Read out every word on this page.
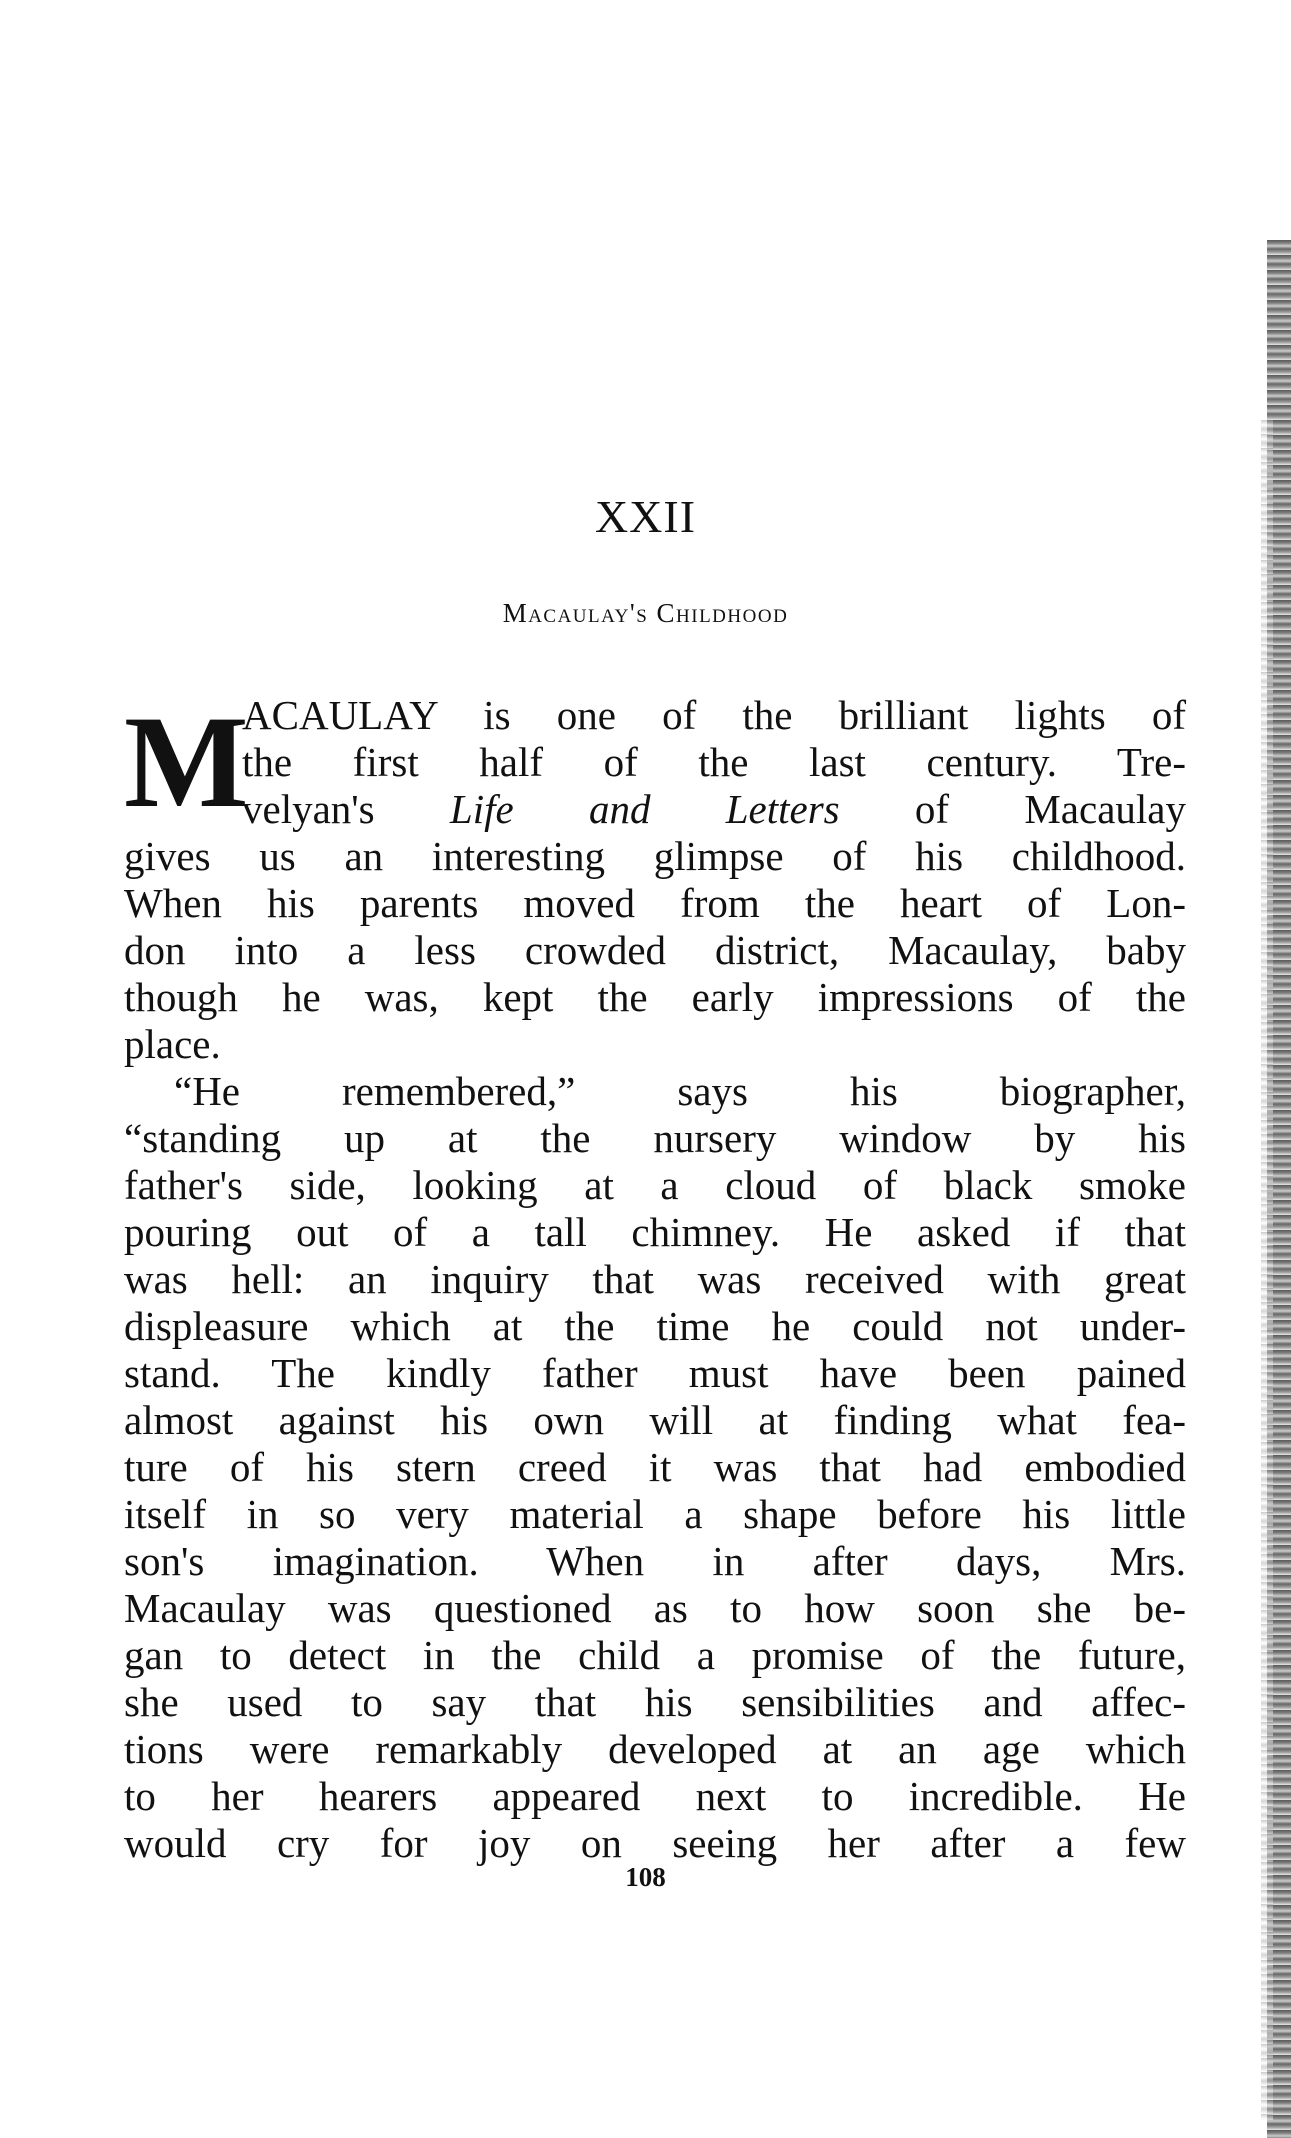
XXII
Macaulay's Childhood
M
ACAULAY is one of the brilliant lights of
the first half of the last century. Tre-
velyan's Life and Letters of Macaulay
gives us an interesting glimpse of his childhood.
When his parents moved from the heart of Lon-
don into a less crowded district, Macaulay, baby
though he was, kept the early impressions of the
place.
“He remembered,” says his biographer,
“standing up at the nursery window by his
father's side, looking at a cloud of black smoke
pouring out of a tall chimney. He asked if that
was hell: an inquiry that was received with great
displeasure which at the time he could not under-
stand. The kindly father must have been pained
almost against his own will at finding what fea-
ture of his stern creed it was that had embodied
itself in so very material a shape before his little
son's imagination. When in after days, Mrs.
Macaulay was questioned as to how soon she be-
gan to detect in the child a promise of the future,
she used to say that his sensibilities and affec-
tions were remarkably developed at an age which
to her hearers appeared next to incredible. He
would cry for joy on seeing her after a few
108
